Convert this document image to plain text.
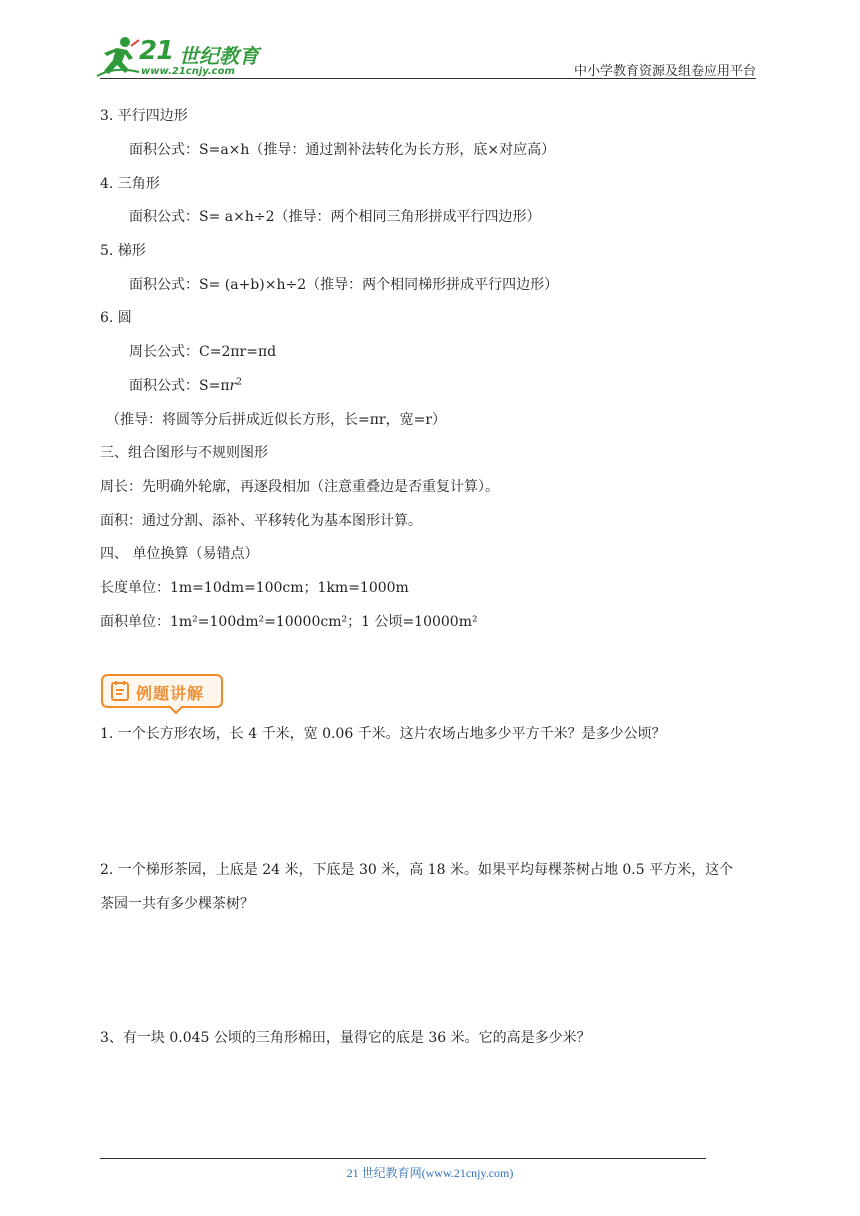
21 世纪教育
www.21cnjy.com	中小学教育资源及组卷应用平台
3. 平行四边形
面积公式：S=a×h（推导：通过割补法转化为长方形，底×对应高）
4. 三角形
面积公式：S= a×h÷2（推导：两个相同三角形拼成平行四边形）
5. 梯形
面积公式：S= (a+b)×h÷2（推导：两个相同梯形拼成平行四边形）
6. 圆
周长公式：C=2πr=πd
面积公式：$S=\pi r^2$
（推导：将圆等分后拼成近似长方形，长=πr，宽=r）
三、组合图形与不规则图形
周长：先明确外轮廓，再逐段相加（注意重叠边是否重复计算）。
面积：通过分割、添补、平移转化为基本图形计算。
四、 单位换算（易错点）
长度单位：1m=10dm=100cm；1km=1000m
面积单位：1m²=100dm²=10000cm²；1 公顷=10000m²
例题讲解
1. 一个长方形农场，长 4 千米，宽 0.06 千米。这片农场占地多少平方千米？是多少公顷？
2. 一个梯形茶园，上底是 24 米，下底是 30 米，高 18 米。如果平均每棵茶树占地 0.5 平方米，这个
茶园一共有多少棵茶树？
3、有一块 0.045 公顷的三角形棉田，量得它的底是 36 米。它的高是多少米？
21 世纪教育网(www.21cnjy.com)
